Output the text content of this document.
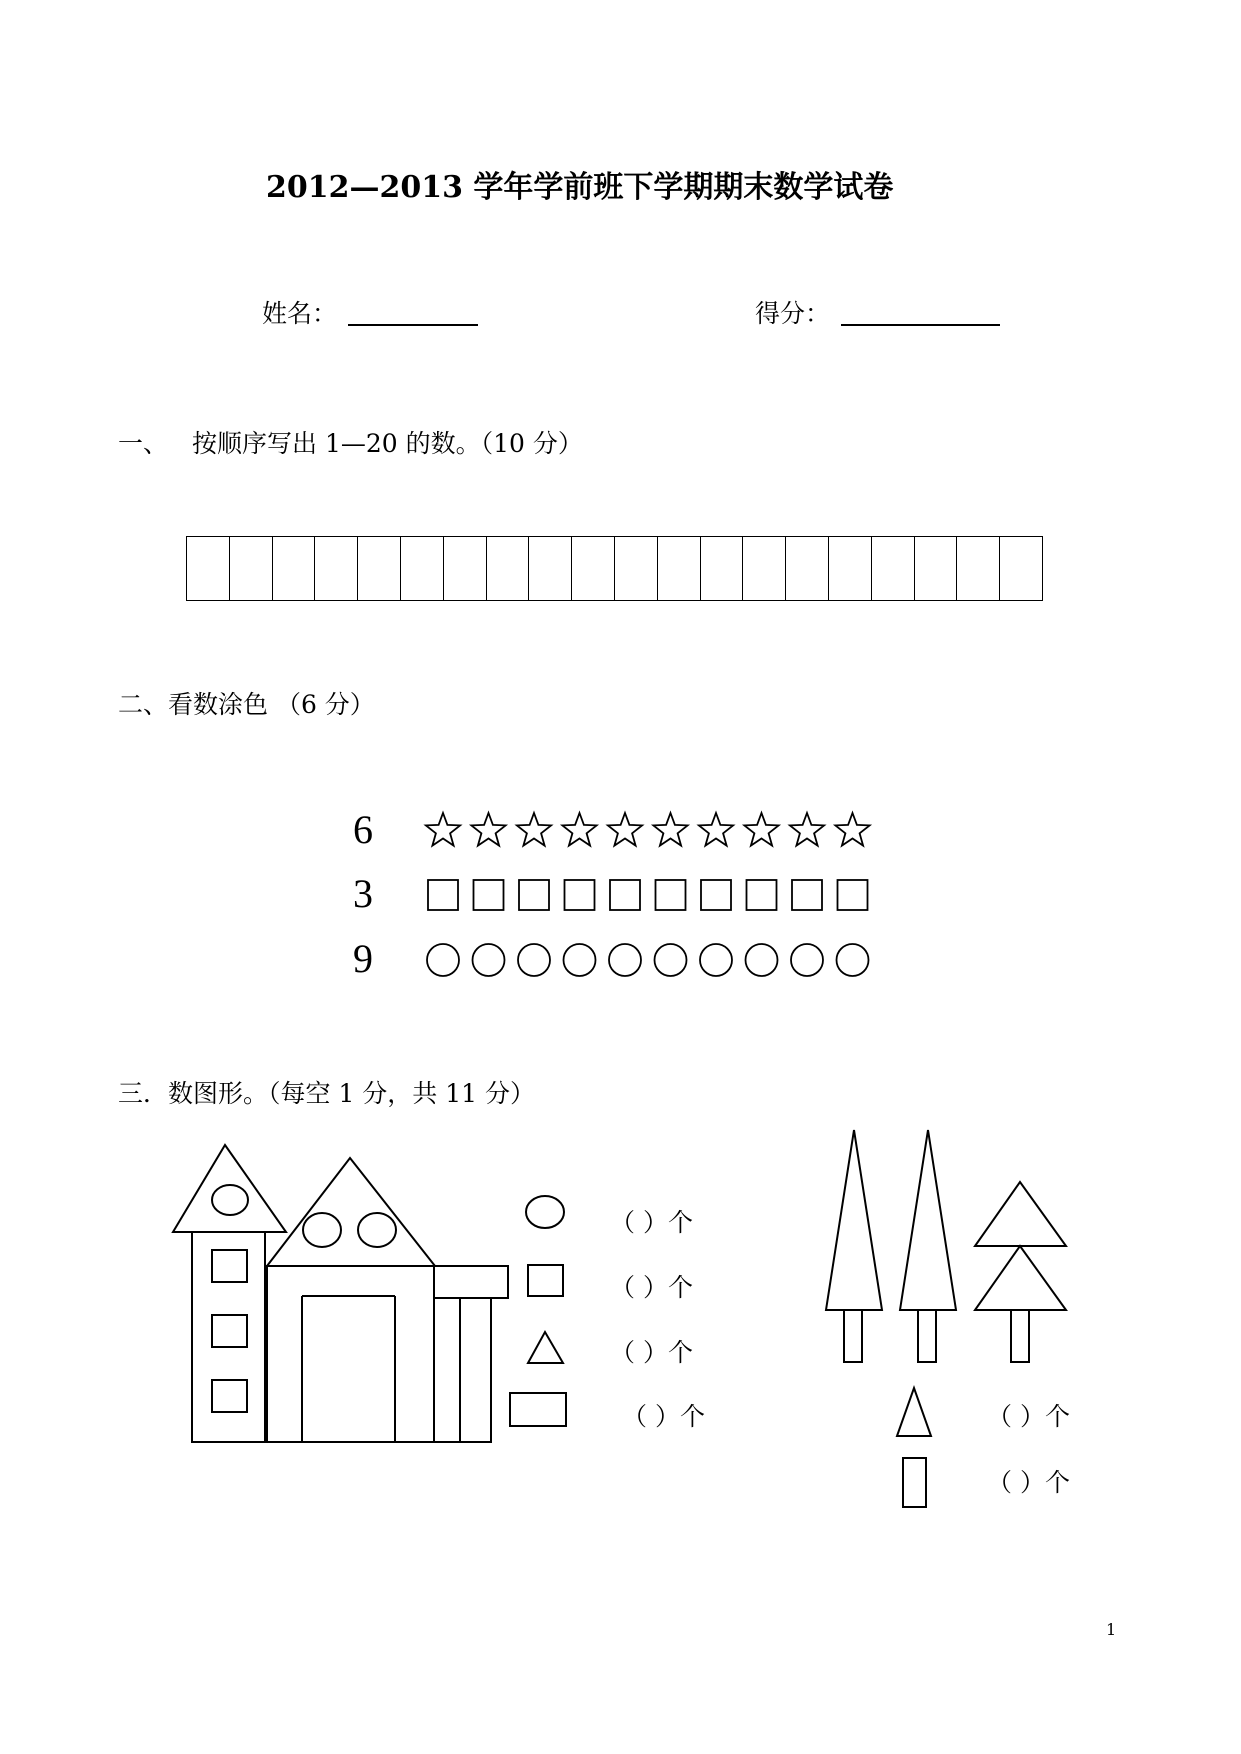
2012—2013 学年学前班下学期期末数学试卷
姓名：	得分：
一、 按顺序写出 1—20 的数。（10 分）
二、看数涂色 （6 分）
6
3
9
三．数图形。（每空 1 分，共 11 分）
（ ）个
（ ）个
（ ）个
（ ）个	（ ）个
（ ）个
1
